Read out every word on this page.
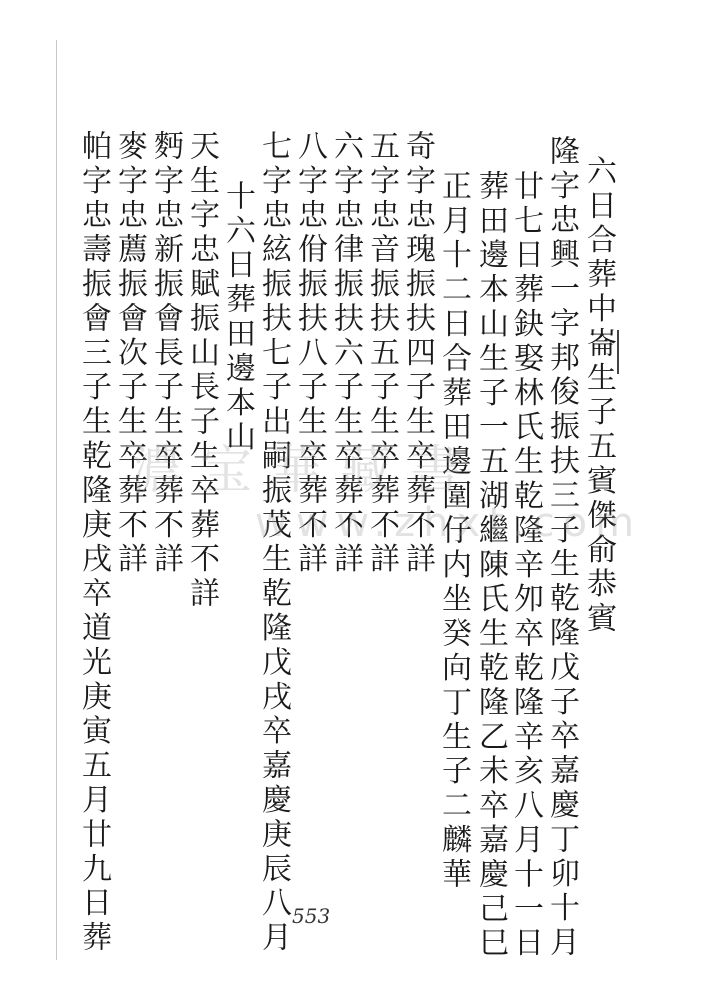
六日合葬中崙生子五賓傑俞恭賓
隆字忠興一字邦俊振扶三子生乾隆戊子卒嘉慶丁卯十月
廿七日葬鈌娶林氏生乾隆辛夘卒乾隆辛亥八月十一日
葬田邊本山生子一五湖繼陳氏生乾隆乙未卒嘉慶己巳
正月十二日合葬田邊圍仔内坐癸向丁生子二麟華
奇字忠瑰振扶四子生卒葬不詳
五字忠音振扶五子生卒葬不詳
六字忠律振扶六子生卒葬不詳
八字忠佾振扶八子生卒葬不詳
七字忠絃振扶七子出嗣振茂生乾隆戊戌卒嘉慶庚辰八月
十六日葬田邊本山
天生字忠賦振山長子生卒葬不詳
麪字忠新振會長子生卒葬不詳
麥字忠薦振會次子生卒葬不詳
帕字忠壽振會三子生乾隆庚戌卒道光庚寅五月廿九日葬 濃宝華藏書
www.zhxt.com
553
